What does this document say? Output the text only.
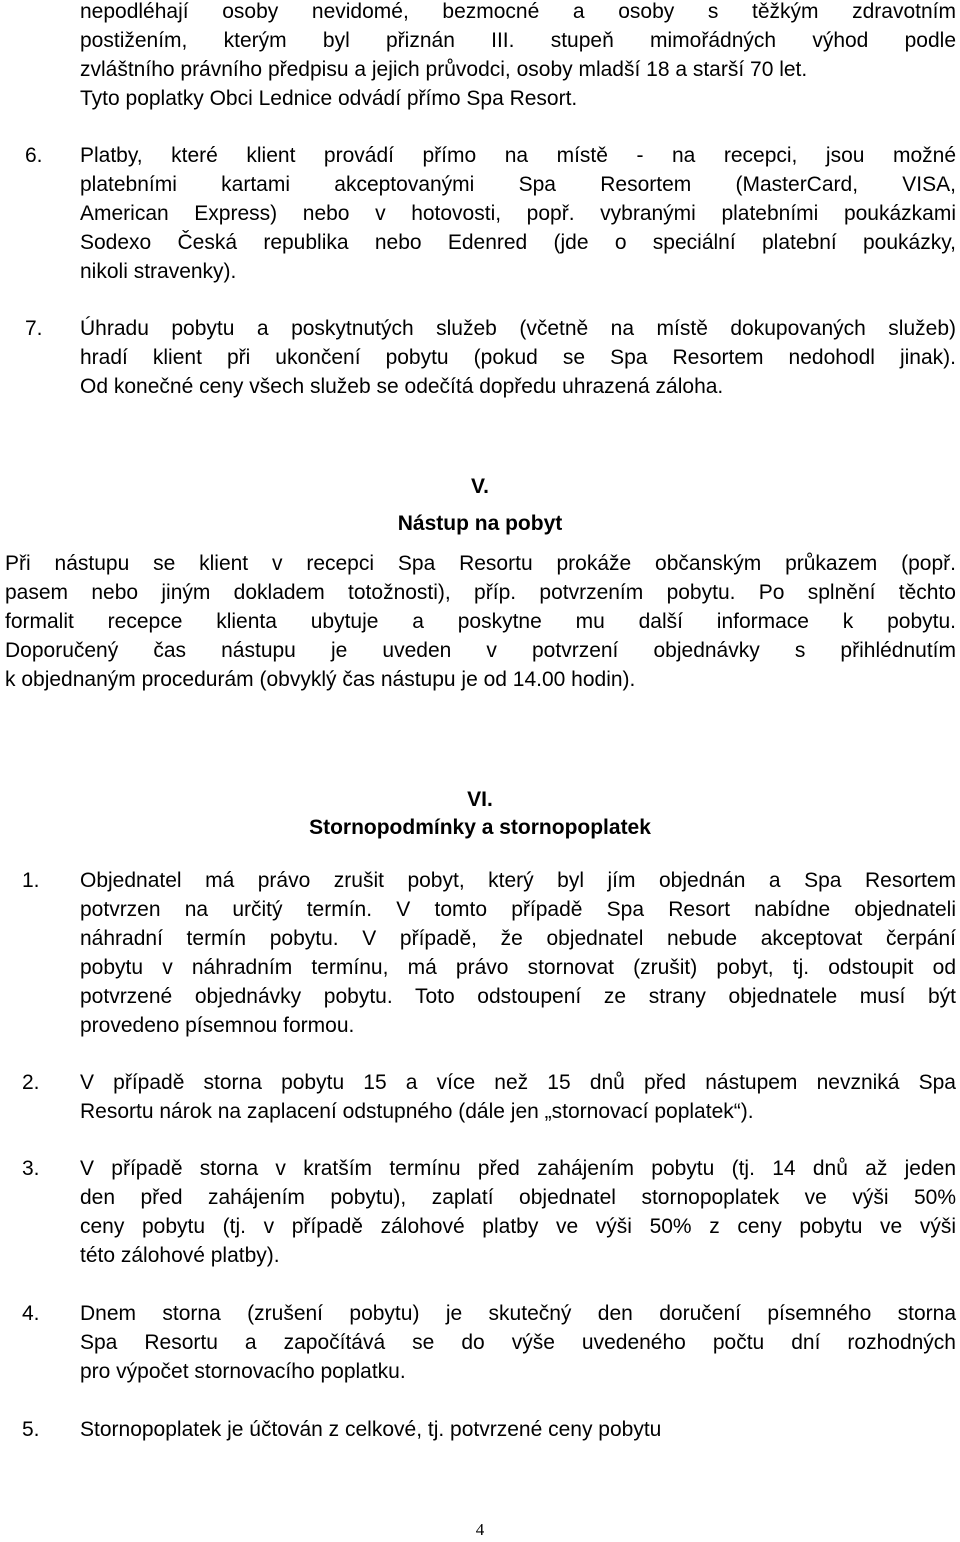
nepodléhají osoby nevidomé, bezmocné a osoby s těžkým zdravotním
postižením, kterým byl přiznán III. stupeň mimořádných výhod podle
zvláštního právního předpisu a jejich průvodci, osoby mladší 18 a starší 70 let.
Tyto poplatky Obci Lednice odvádí přímo Spa Resort.
6. Platby, které klient provádí přímo na místě - na recepci, jsou možné
platebními kartami akceptovanými Spa Resortem (MasterCard, VISA,
American Express) nebo v hotovosti, popř. vybranými platebními poukázkami
Sodexo Česká republika nebo Edenred (jde o speciální platební poukázky,
nikoli stravenky).
7. Úhradu pobytu a poskytnutých služeb (včetně na místě dokupovaných služeb)
hradí klient při ukončení pobytu (pokud se Spa Resortem nedohodl jinak).
Od konečné ceny všech služeb se odečítá dopředu uhrazená záloha.
V.
Nástup na pobyt
Při nástupu se klient v recepci Spa Resortu prokáže občanským průkazem (popř.
pasem nebo jiným dokladem totožnosti), příp. potvrzením pobytu. Po splnění těchto
formalit recepce klienta ubytuje a poskytne mu další informace k pobytu.
Doporučený čas nástupu je uveden v potvrzení objednávky s přihlédnutím
k objednaným procedurám (obvyklý čas nástupu je od 14.00 hodin).
VI.
Stornopodmínky a stornopoplatek
1. Objednatel má právo zrušit pobyt, který byl jím objednán a Spa Resortem
potvrzen na určitý termín. V tomto případě Spa Resort nabídne objednateli
náhradní termín pobytu. V případě, že objednatel nebude akceptovat čerpání
pobytu v náhradním termínu, má právo stornovat (zrušit) pobyt, tj. odstoupit od
potvrzené objednávky pobytu. Toto odstoupení ze strany objednatele musí být
provedeno písemnou formou.
2. V případě storna pobytu 15 a více než 15 dnů před nástupem nevzniká Spa
Resortu nárok na zaplacení odstupného (dále jen „stornovací poplatek“).
3. V případě storna v kratším termínu před zahájením pobytu (tj. 14 dnů až jeden
den před zahájením pobytu), zaplatí objednatel stornopoplatek ve výši 50%
ceny pobytu (tj. v případě zálohové platby ve výši 50% z ceny pobytu ve výši
této zálohové platby).
4. Dnem storna (zrušení pobytu) je skutečný den doručení písemného storna
Spa Resortu a započítává se do výše uvedeného počtu dní rozhodných
pro výpočet stornovacího poplatku.
5. Stornopoplatek je účtován z celkové, tj. potvrzené ceny pobytu
4
